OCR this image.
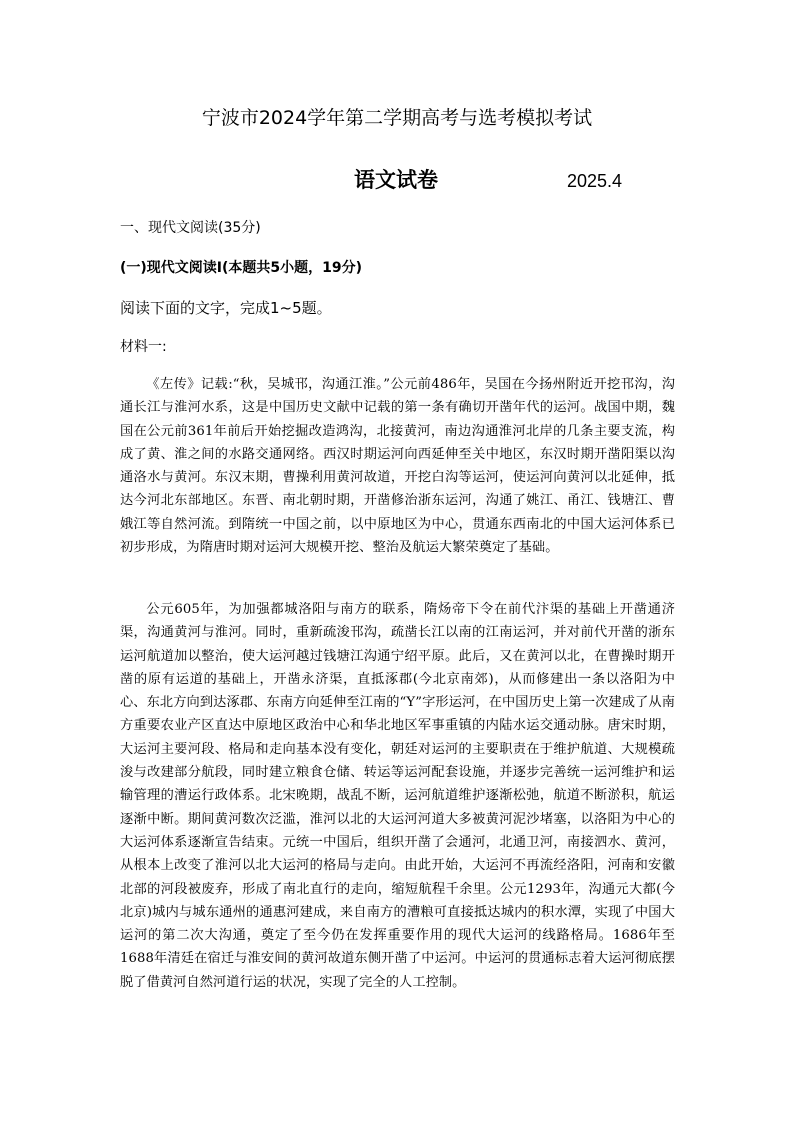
宁波市2024学年第二学期高考与选考模拟考试
语文试卷	2025.4
一、现代文阅读(35分)
(一)现代文阅读Ⅰ(本题共5小题，19分)
阅读下面的文字，完成1~5题。
材料一:

《左传》记载:“秋，吴城邗，沟通江淮。”公元前486年，吴国在今扬州附近开挖邗沟，沟通长江与淮河水系，这是中国历史文献中记载的第一条有确切开凿年代的运河。战国中期，魏国在公元前361年前后开始挖掘改造鸿沟，北接黄河，南边沟通淮河北岸的几条主要支流，构成了黄、淮之间的水路交通网络。西汉时期运河向西延伸至关中地区，东汉时期开凿阳渠以沟通洛水与黄河。东汉末期，曹操利用黄河故道，开挖白沟等运河，使运河向黄河以北延伸，抵达今河北东部地区。东晋、南北朝时期，开凿修治浙东运河，沟通了姚江、甬江、钱塘江、曹娥江等自然河流。到隋统一中国之前，以中原地区为中心，贯通东西南北的中国大运河体系已初步形成，为隋唐时期对运河大规模开挖、整治及航运大繁荣奠定了基础。

公元605年，为加强都城洛阳与南方的联系，隋炀帝下令在前代汴渠的基础上开凿通济渠，沟通黄河与淮河。同时，重新疏浚邗沟，疏凿长江以南的江南运河，并对前代开凿的浙东运河航道加以整治，使大运河越过钱塘江沟通宁绍平原。此后，又在黄河以北，在曹操时期开凿的原有运道的基础上，开凿永济渠，直抵涿郡(今北京南郊)，从而修建出一条以洛阳为中心、东北方向到达涿郡、东南方向延伸至江南的“Y”字形运河，在中国历史上第一次建成了从南方重要农业产区直达中原地区政治中心和华北地区军事重镇的内陆水运交通动脉。唐宋时期，大运河主要河段、格局和走向基本没有变化，朝廷对运河的主要职责在于维护航道、大规模疏浚与改建部分航段，同时建立粮食仓储、转运等运河配套设施，并逐步完善统一运河维护和运输管理的漕运行政体系。北宋晚期，战乱不断，运河航道维护逐渐松弛，航道不断淤积，航运逐渐中断。期间黄河数次泛滥，淮河以北的大运河河道大多被黄河泥沙堵塞，以洛阳为中心的大运河体系逐渐宣告结束。元统一中国后，组织开凿了会通河，北通卫河，南接泗水、黄河，从根本上改变了淮河以北大运河的格局与走向。由此开始，大运河不再流经洛阳，河南和安徽北部的河段被废弃，形成了南北直行的走向，缩短航程千余里。公元1293年，沟通元大都(今北京)城内与城东通州的通惠河建成，来自南方的漕粮可直接抵达城内的积水潭，实现了中国大运河的第二次大沟通，奠定了至今仍在发挥重要作用的现代大运河的线路格局。1686年至1688年清廷在宿迁与淮安间的黄河故道东侧开凿了中运河。中运河的贯通标志着大运河彻底摆脱了借黄河自然河道行运的状况，实现了完全的人工控制。
